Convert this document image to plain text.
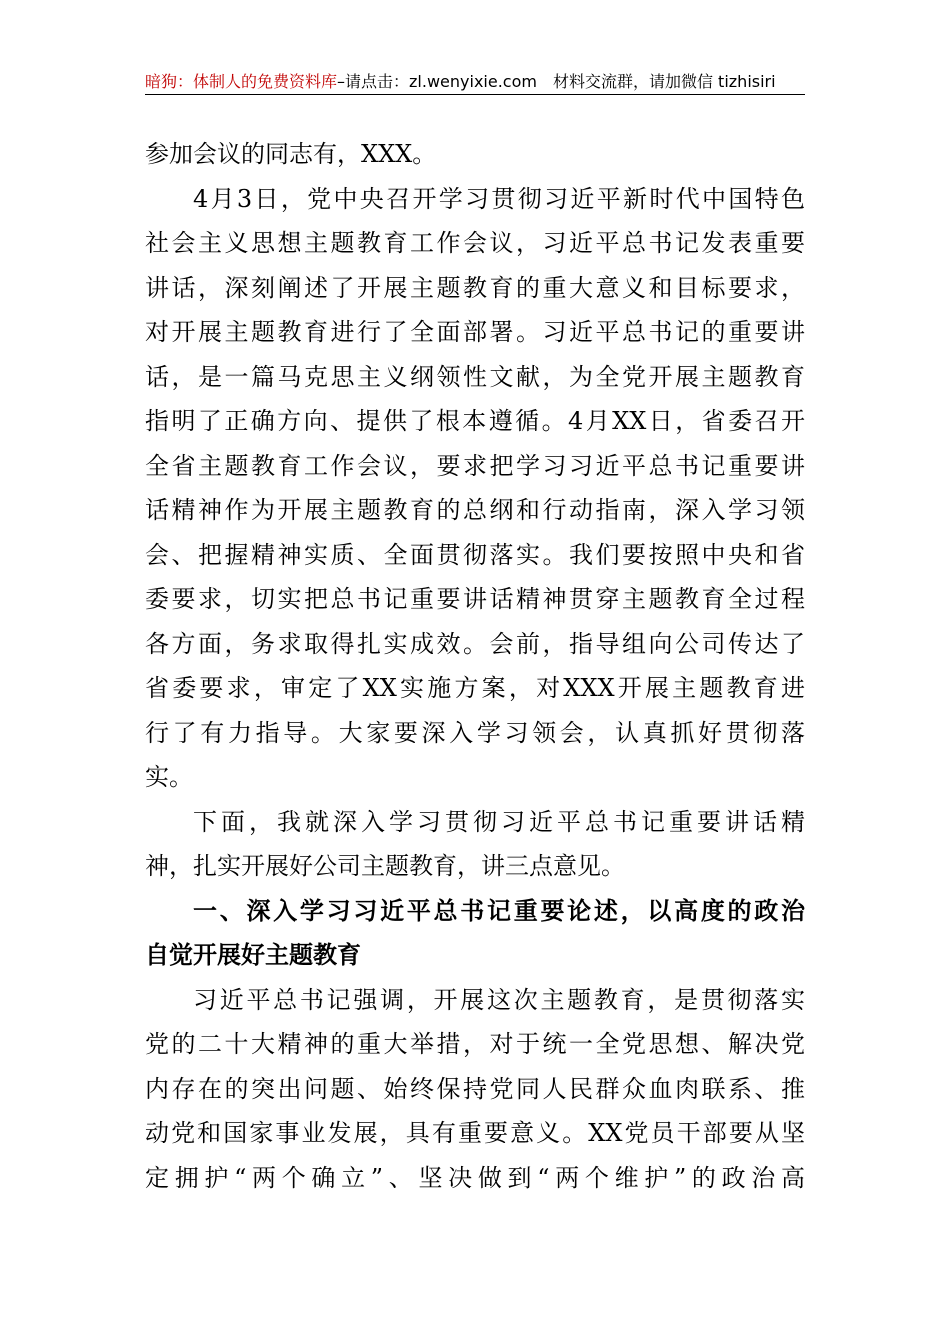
暗狗：体制人的免费资料库–请点击：zl.wenyixie.com 材料交流群，请加微信 tizhisiri
参加会议的同志有，XXX。
4月3日，党中央召开学习贯彻习近平新时代中国特色
社会主义思想主题教育工作会议，习近平总书记发表重要
讲话，深刻阐述了开展主题教育的重大意义和目标要求，
对开展主题教育进行了全面部署。习近平总书记的重要讲
话，是一篇马克思主义纲领性文献，为全党开展主题教育
指明了正确方向、提供了根本遵循。4月XX日，省委召开
全省主题教育工作会议，要求把学习习近平总书记重要讲
话精神作为开展主题教育的总纲和行动指南，深入学习领
会、把握精神实质、全面贯彻落实。我们要按照中央和省
委要求，切实把总书记重要讲话精神贯穿主题教育全过程
各方面，务求取得扎实成效。会前，指导组向公司传达了
省委要求，审定了XX实施方案，对XXX开展主题教育进
行了有力指导。大家要深入学习领会，认真抓好贯彻落
实。
下面，我就深入学习贯彻习近平总书记重要讲话精
神，扎实开展好公司主题教育，讲三点意见。
一、深入学习习近平总书记重要论述，以高度的政治
自觉开展好主题教育
习近平总书记强调，开展这次主题教育，是贯彻落实
党的二十大精神的重大举措，对于统一全党思想、解决党
内存在的突出问题、始终保持党同人民群众血肉联系、推
动党和国家事业发展，具有重要意义。XX党员干部要从坚
定拥护“两个确立”、坚决做到“两个维护”的政治高
